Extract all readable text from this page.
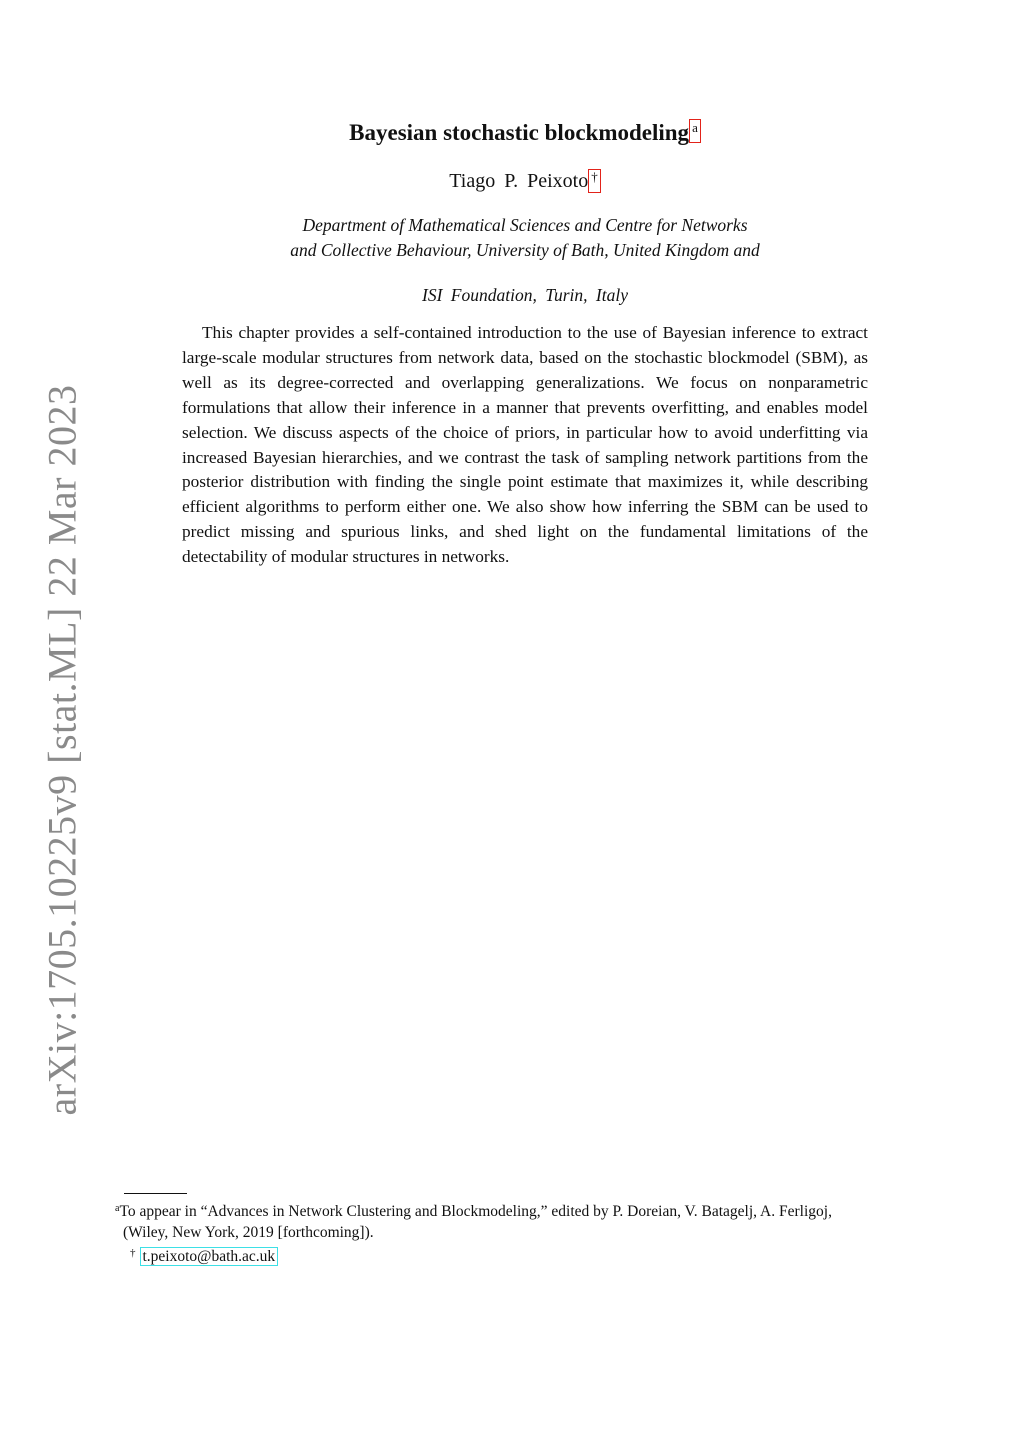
arXiv:1705.10225v9 [stat.ML] 22 Mar 2023
Bayesian stochastic blockmodeling a
Tiago P. Peixoto †
Department of Mathematical Sciences and Centre for Networks
and Collective Behaviour, University of Bath, United Kingdom and
ISI Foundation, Turin, Italy

This chapter provides a self-contained introduction to the use of Bayesian inference to extract large-scale modular structures from network data, based on the stochastic blockmodel (SBM), as well as its degree-corrected and overlapping generalizations. We focus on nonparametric formulations that allow their inference in a manner that prevents overfitting, and enables model selection. We discuss aspects of the choice of priors, in particular how to avoid underfitting via increased Bayesian hierarchies, and we contrast the task of sampling network partitions from the posterior distribution with finding the single point estimate that maximizes it, while describing efficient algorithms to perform either one. We also show how inferring the SBM can be used to predict missing and spurious links, and shed light on the fundamental limitations of the detectability of modular structures in networks.

$^a$To appear in “Advances in Network Clustering and Blockmodeling,” edited by P. Doreian, V. Batagelj, A. Ferligoj,
(Wiley, New York, 2019 [forthcoming]).
† t.peixoto@bath.ac.uk
